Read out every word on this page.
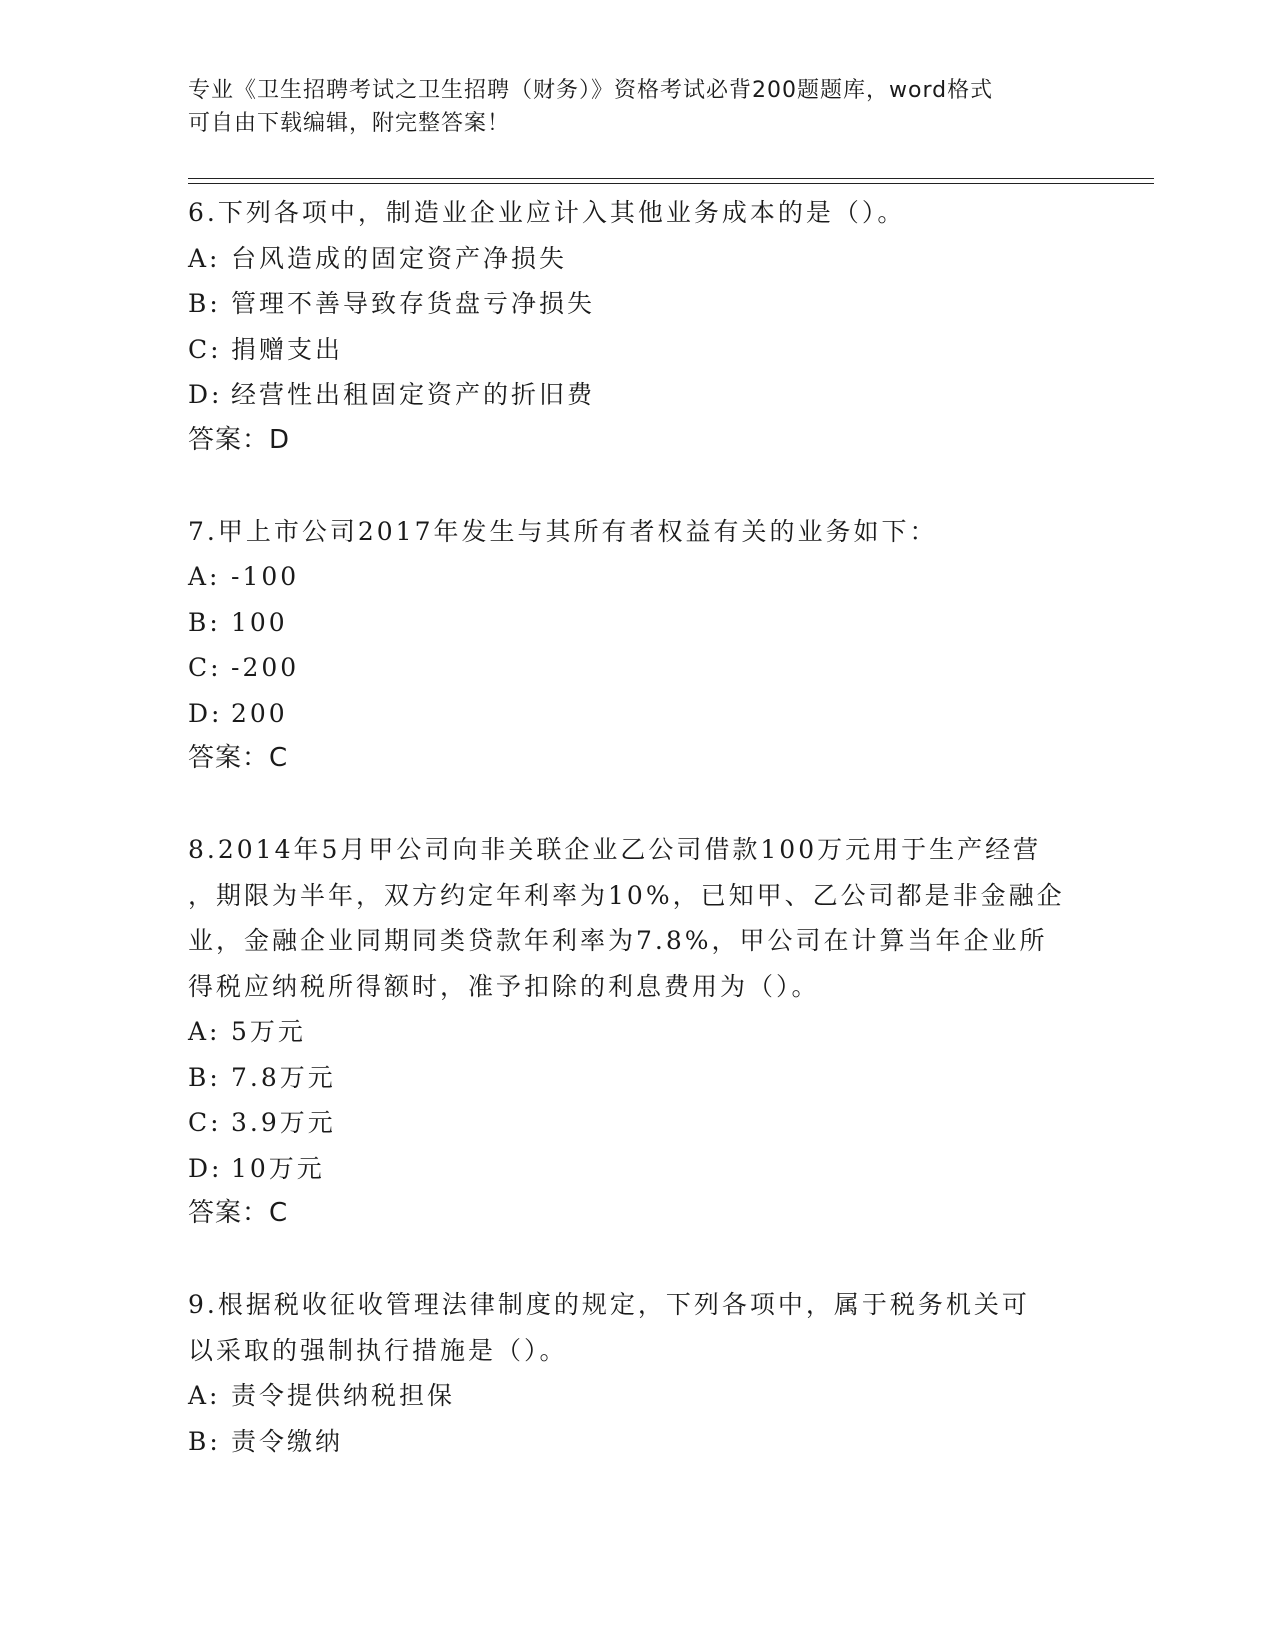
专业《卫生招聘考试之卫生招聘（财务）》资格考试必背200题题库，word格式
可自由下载编辑，附完整答案！
6.下列各项中，制造业企业应计入其他业务成本的是（）。
A: 台风造成的固定资产净损失
B: 管理不善导致存货盘亏净损失
C: 捐赠支出
D: 经营性出租固定资产的折旧费
答案：D
7.甲上市公司2017年发生与其所有者权益有关的业务如下：
A: -100
B: 100
C: -200
D: 200
答案：C
8.2014年5月甲公司向非关联企业乙公司借款100万元用于生产经营
，期限为半年，双方约定年利率为10%，已知甲、乙公司都是非金融企
业，金融企业同期同类贷款年利率为7.8%，甲公司在计算当年企业所
得税应纳税所得额时，准予扣除的利息费用为（）。
A: 5万元
B: 7.8万元
C: 3.9万元
D: 10万元
答案：C
9.根据税收征收管理法律制度的规定，下列各项中，属于税务机关可
以采取的强制执行措施是（）。
A: 责令提供纳税担保
B: 责令缴纳
